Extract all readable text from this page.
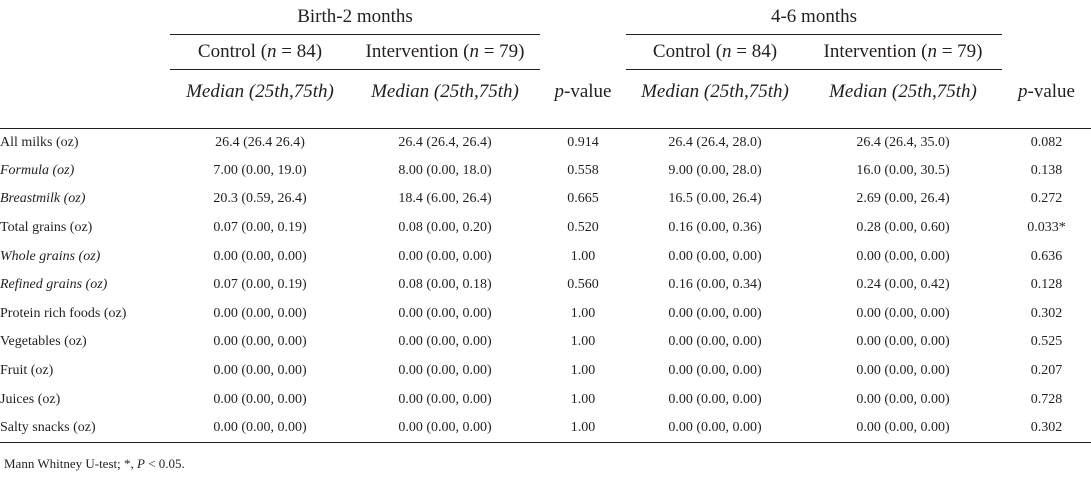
	Birth-2 months			4-6 months		
	Control (n = 84)	Intervention (n = 79)		Control (n = 84)	Intervention (n = 79)	
	Median (25th,75th)	Median (25th,75th)	p-value	Median (25th,75th)	Median (25th,75th)	p-value

All milks (oz)	26.4 (26.4 26.4)	26.4 (26.4, 26.4)	0.914	26.4 (26.4, 28.0)	26.4 (26.4, 35.0)	0.082
Formula (oz)	7.00 (0.00, 19.0)	8.00 (0.00, 18.0)	0.558	9.00 (0.00, 28.0)	16.0 (0.00, 30.5)	0.138
Breastmilk (oz)	20.3 (0.59, 26.4)	18.4 (6.00, 26.4)	0.665	16.5 (0.00, 26.4)	2.69 (0.00, 26.4)	0.272
Total grains (oz)	0.07 (0.00, 0.19)	0.08 (0.00, 0.20)	0.520	0.16 (0.00, 0.36)	0.28 (0.00, 0.60)	0.033*
Whole grains (oz)	0.00 (0.00, 0.00)	0.00 (0.00, 0.00)	1.00	0.00 (0.00, 0.00)	0.00 (0.00, 0.00)	0.636
Refined grains (oz)	0.07 (0.00, 0.19)	0.08 (0.00, 0.18)	0.560	0.16 (0.00, 0.34)	0.24 (0.00, 0.42)	0.128
Protein rich foods (oz)	0.00 (0.00, 0.00)	0.00 (0.00, 0.00)	1.00	0.00 (0.00, 0.00)	0.00 (0.00, 0.00)	0.302
Vegetables (oz)	0.00 (0.00, 0.00)	0.00 (0.00, 0.00)	1.00	0.00 (0.00, 0.00)	0.00 (0.00, 0.00)	0.525
Fruit (oz)	0.00 (0.00, 0.00)	0.00 (0.00, 0.00)	1.00	0.00 (0.00, 0.00)	0.00 (0.00, 0.00)	0.207
Juices (oz)	0.00 (0.00, 0.00)	0.00 (0.00, 0.00)	1.00	0.00 (0.00, 0.00)	0.00 (0.00, 0.00)	0.728
Salty snacks (oz)	0.00 (0.00, 0.00)	0.00 (0.00, 0.00)	1.00	0.00 (0.00, 0.00)	0.00 (0.00, 0.00)	0.302
Mann Whitney U-test; *, P < 0.05.
